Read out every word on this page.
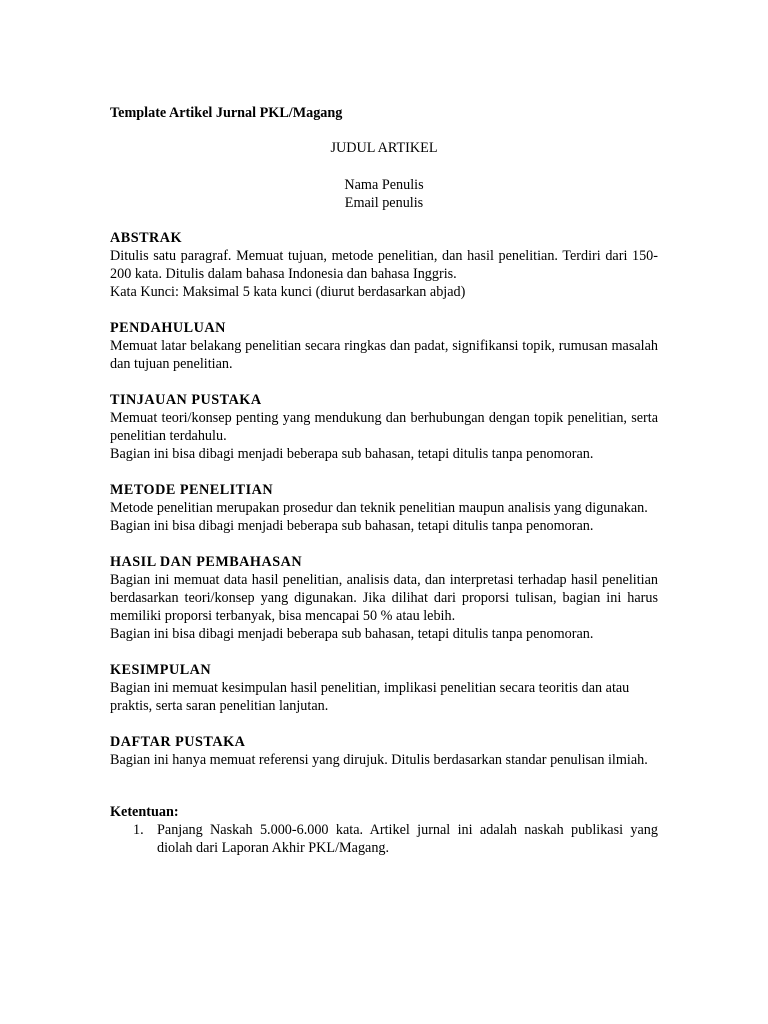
Template Artikel Jurnal PKL/Magang

JUDUL ARTIKEL

Nama Penulis
Email penulis

ABSTRAK

Ditulis satu paragraf. Memuat tujuan, metode penelitian, dan hasil penelitian. Terdiri dari 150-200 kata. Ditulis dalam bahasa Indonesia dan bahasa Inggris.

Kata Kunci: Maksimal 5 kata kunci (diurut berdasarkan abjad)

PENDAHULUAN

Memuat latar belakang penelitian secara ringkas dan padat, signifikansi topik, rumusan masalah dan tujuan penelitian.

TINJAUAN PUSTAKA

Memuat teori/konsep penting yang mendukung dan berhubungan dengan topik penelitian, serta penelitian terdahulu.

Bagian ini bisa dibagi menjadi beberapa sub bahasan, tetapi ditulis tanpa penomoran.

METODE PENELITIAN

Metode penelitian merupakan prosedur dan teknik penelitian maupun analisis yang digunakan.

Bagian ini bisa dibagi menjadi beberapa sub bahasan, tetapi ditulis tanpa penomoran.

HASIL DAN PEMBAHASAN

Bagian ini memuat data hasil penelitian, analisis data, dan interpretasi terhadap hasil penelitian berdasarkan teori/konsep yang digunakan. Jika dilihat dari proporsi tulisan, bagian ini harus memiliki proporsi terbanyak, bisa mencapai 50 % atau lebih.

Bagian ini bisa dibagi menjadi beberapa sub bahasan, tetapi ditulis tanpa penomoran.

KESIMPULAN

Bagian ini memuat kesimpulan hasil penelitian, implikasi penelitian secara teoritis dan atau praktis, serta saran penelitian lanjutan.

DAFTAR PUSTAKA

Bagian ini hanya memuat referensi yang dirujuk. Ditulis berdasarkan standar penulisan ilmiah.

Ketentuan:

1. Panjang Naskah 5.000-6.000 kata. Artikel jurnal ini adalah naskah publikasi yang diolah dari Laporan Akhir PKL/Magang.
